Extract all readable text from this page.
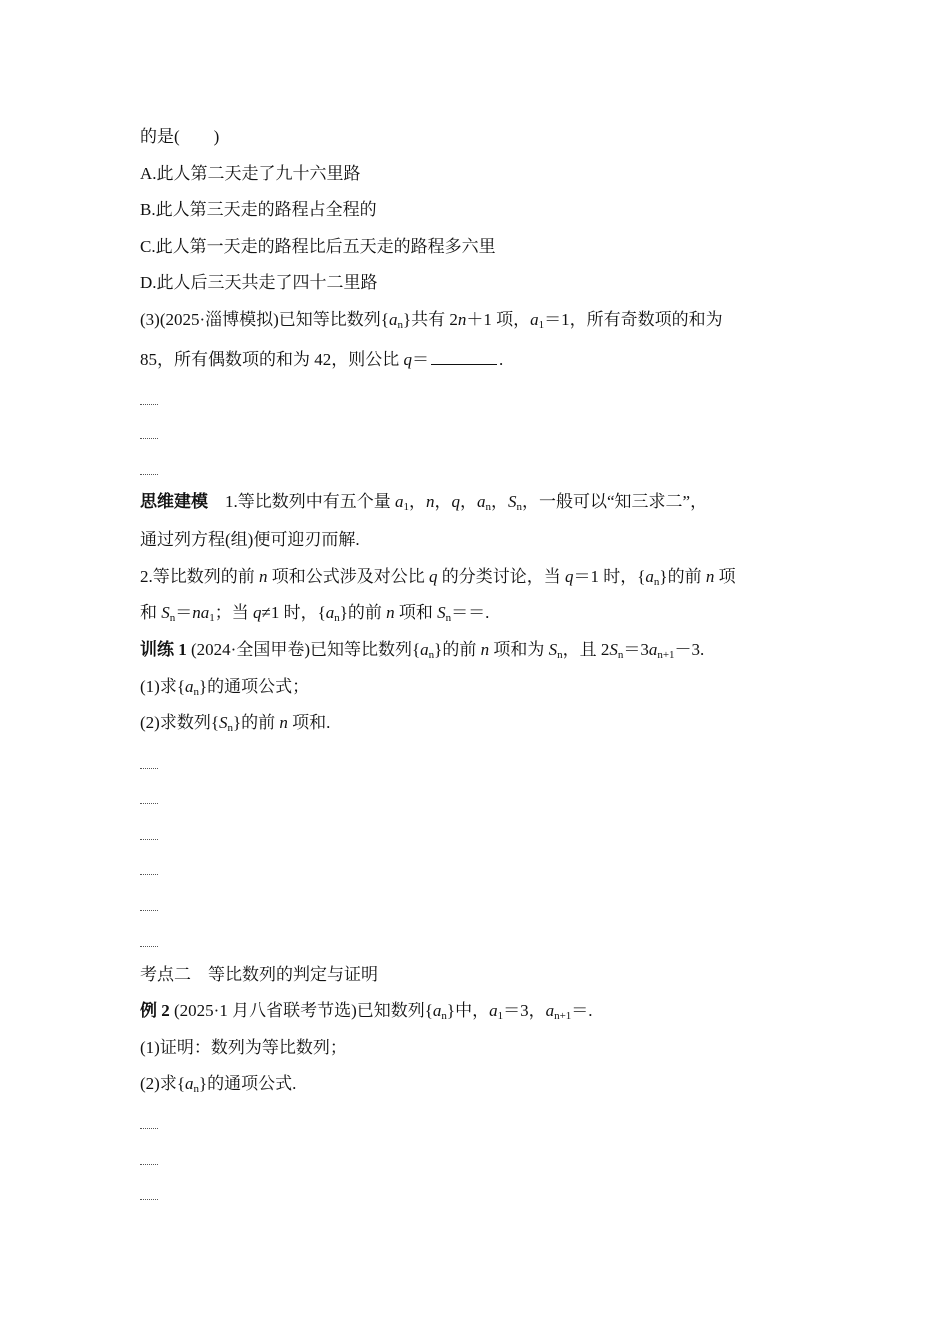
的是(　　)
A.此人第二天走了九十六里路
B.此人第三天走的路程占全程的
C.此人第一天走的路程比后五天走的路程多六里
D.此人后三天共走了四十二里路
(3)(2025·淄博模拟)已知等比数列$\{a_n\}$共有 2n＋1 项，$a_1=1$，所有奇数项的和为
85，所有偶数项的和为 42，则公比 q＝	.
思维建模　 1.等比数列中有五个量 $a_1$，n，q，$a_n$，$S_n$，一般可以“知三求二”，
通过列方程(组)便可迎刃而解.
2.等比数列的前 n 项和公式涉及对公比 q 的分类讨论，当 q＝1 时，$\{a_n\}$的前 n 项
和 $S_n=na_1$；当 q≠1 时，$\{a_n\}$的前 n 项和 $S_n==$.
训练 1 (2024·全国甲卷)已知等比数列$\{a_n\}$的前 n 项和为 $S_n$，且 $2S_n=3a_{n+1}-3$.
(1)求$\{a_n\}$的通项公式；
(2)求数列$\{S_n\}$的前 n 项和.
考点二　等比数列的判定与证明
例 2 (2025·1 月八省联考节选)已知数列$\{a_n\}$中，$a_1=3$，$a_{n+1}=$.
(1)证明：数列为等比数列；
(2)求$\{a_n\}$的通项公式.
